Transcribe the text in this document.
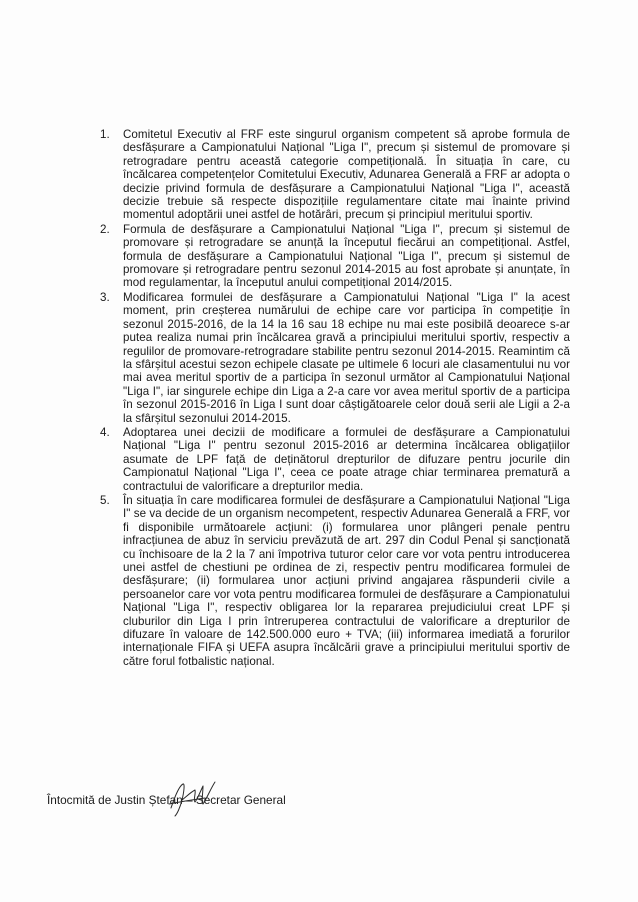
1. Comitetul Executiv al FRF este singurul organism competent să aprobe formula de desfășurare a Campionatului Național "Liga I", precum și sistemul de promovare și retrogradare pentru această categorie competițională. În situația în care, cu încălcarea competențelor Comitetului Executiv, Adunarea Generală a FRF ar adopta o decizie privind formula de desfășurare a Campionatului Național "Liga I", această decizie trebuie să respecte dispozițiile regulamentare citate mai înainte privind momentul adoptării unei astfel de hotărâri, precum și principiul meritului sportiv.
2. Formula de desfășurare a Campionatului Național "Liga I", precum și sistemul de promovare și retrogradare se anunță la începutul fiecărui an competițional. Astfel, formula de desfășurare a Campionatului Național "Liga I", precum și sistemul de promovare și retrogradare pentru sezonul 2014-2015 au fost aprobate și anunțate, în mod regulamentar, la începutul anului competițional 2014/2015.
3. Modificarea formulei de desfășurare a Campionatului Național "Liga I" la acest moment, prin creșterea numărului de echipe care vor participa în competiție în sezonul 2015-2016, de la 14 la 16 sau 18 echipe nu mai este posibilă deoarece s-ar putea realiza numai prin încălcarea gravă a principiului meritului sportiv, respectiv a regulilor de promovare-retrogradare stabilite pentru sezonul 2014-2015. Reamintim că la sfârșitul acestui sezon echipele clasate pe ultimele 6 locuri ale clasamentului nu vor mai avea meritul sportiv de a participa în sezonul următor al Campionatului Național "Liga I", iar singurele echipe din Liga a 2-a care vor avea meritul sportiv de a participa în sezonul 2015-2016 în Liga I sunt doar câștigătoarele celor două serii ale Ligii a 2-a la sfârșitul sezonului 2014-2015.
4. Adoptarea unei decizii de modificare a formulei de desfășurare a Campionatului Național "Liga I" pentru sezonul 2015-2016 ar determina încălcarea obligațiilor asumate de LPF față de deținătorul drepturilor de difuzare pentru jocurile din Campionatul Național "Liga I", ceea ce poate atrage chiar terminarea prematură a contractului de valorificare a drepturilor media.
5. În situația în care modificarea formulei de desfășurare a Campionatului Național "Liga I" se va decide de un organism necompetent, respectiv Adunarea Generală a FRF, vor fi disponibile următoarele acțiuni: (i) formularea unor plângeri penale pentru infracțiunea de abuz în serviciu prevăzută de art. 297 din Codul Penal și sancționată cu închisoare de la 2 la 7 ani împotriva tuturor celor care vor vota pentru introducerea unei astfel de chestiuni pe ordinea de zi, respectiv pentru modificarea formulei de desfășurare; (ii) formularea unor acțiuni privind angajarea răspunderii civile a persoanelor care vor vota pentru modificarea formulei de desfășurare a Campionatului Național "Liga I", respectiv obligarea lor la repararea prejudiciului creat LPF și cluburilor din Liga I prin întreruperea contractului de valorificare a drepturilor de difuzare în valoare de 142.500.000 euro + TVA; (iii) informarea imediată a forurilor internaționale FIFA și UEFA asupra încălcării grave a principiului meritului sportiv de către forul fotbalistic național.
Întocmită de Justin Ștefan – Secretar General
